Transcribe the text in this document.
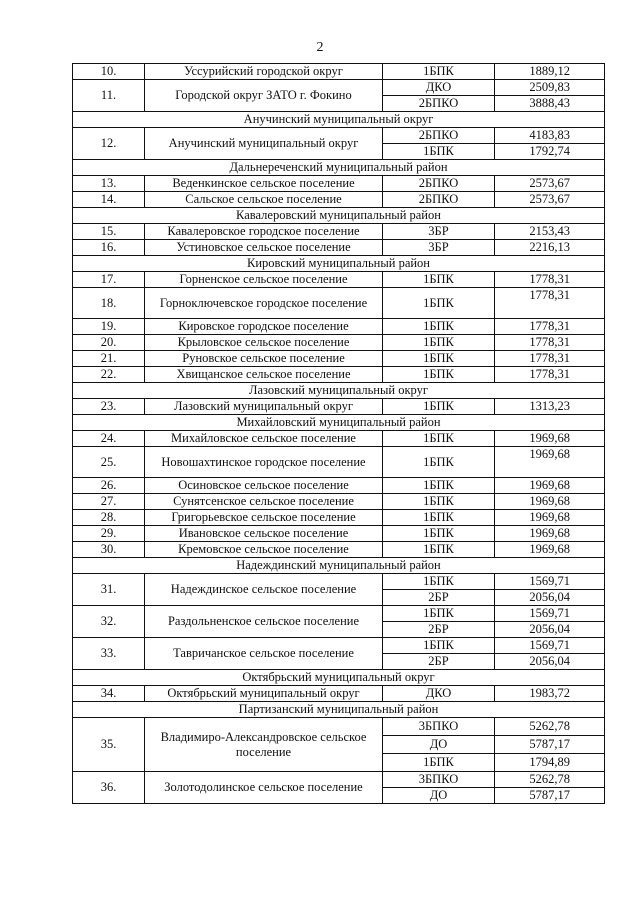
2
10.	Уссурийский городской округ	1БПК	1889,12
11.	Городской округ ЗАТО г. Фокино	ДКО	2509,83
		2БПКО	3888,43
Анучинский муниципальный округ			
12.	Анучинский муниципальный округ	2БПКО	4183,83
		1БПК	1792,74
Дальнереченский муниципальный район			
13.	Веденкинское сельское поселение	2БПКО	2573,67
14.	Сальское сельское поселение	2БПКО	2573,67
Кавалеровский муниципальный район			
15.	Кавалеровское городское поселение	3БР	2153,43
16.	Устиновское сельское поселение	3БР	2216,13
Кировский муниципальный район			
17.	Горненское сельское поселение	1БПК	1778,31
18.	Горноключевское городское поселение	1БПК	1778,31
19.	Кировское городское поселение	1БПК	1778,31
20.	Крыловское сельское поселение	1БПК	1778,31
21.	Руновское сельское поселение	1БПК	1778,31
22.	Хвищанское сельское поселение	1БПК	1778,31
Лазовский муниципальный округ			
23.	Лазовский муниципальный округ	1БПК	1313,23
Михайловский муниципальный район			
24.	Михайловское сельское поселение	1БПК	1969,68
25.	Новошахтинское городское поселение	1БПК	1969,68
26.	Осиновское сельское поселение	1БПК	1969,68
27.	Сунятсенское сельское поселение	1БПК	1969,68
28.	Григорьевское сельское поселение	1БПК	1969,68
29.	Ивановское сельское поселение	1БПК	1969,68
30.	Кремовское сельское поселение	1БПК	1969,68
Надеждинский муниципальный район			
31.	Надеждинское сельское поселение	1БПК	1569,71
		2БР	2056,04
32.	Раздольненское сельское поселение	1БПК	1569,71
		2БР	2056,04
33.	Тавричанское сельское поселение	1БПК	1569,71
		2БР	2056,04
Октябрьский муниципальный округ			
34.	Октябрьский муниципальный округ	ДКО	1983,72
Партизанский муниципальный район			
35.	Владимиро-Александровское сельское поселение	3БПКО	5262,78
		ДО	5787,17
		1БПК	1794,89
36.	Золотодолинское сельское поселение	3БПКО	5262,78
		ДО	5787,17
